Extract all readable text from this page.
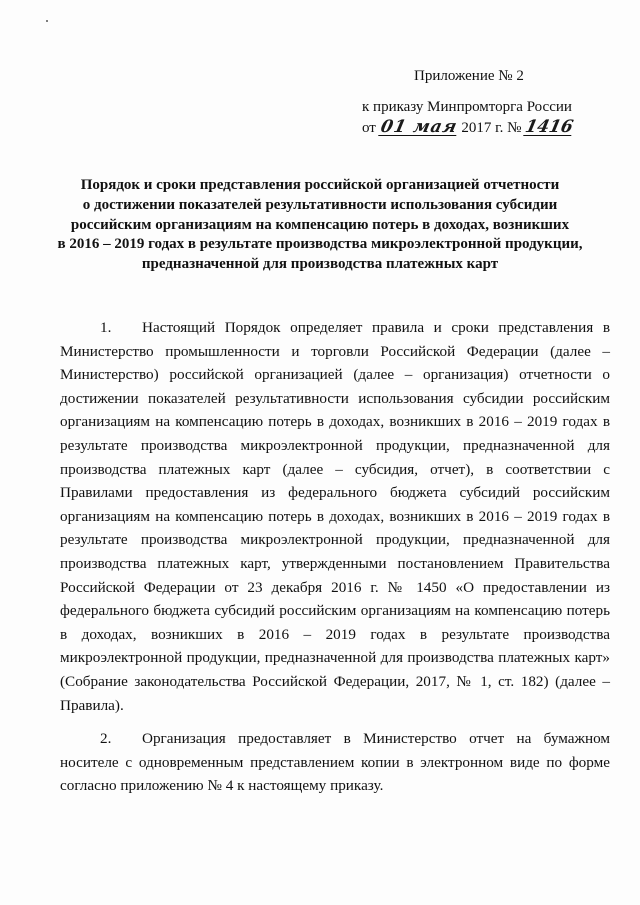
Приложение № 2
к приказу Минпромторга России
от 01 мая 2017 г. № 1416
Порядок и сроки представления российской организацией отчетности
о достижении показателей результативности использования субсидии
российским организациям на компенсацию потерь в доходах, возникших
в 2016 – 2019 годах в результате производства микроэлектронной продукции,
предназначенной для производства платежных карт

1. Настоящий Порядок определяет правила и сроки представления в Министерство промышленности и торговли Российской Федерации (далее – Министерство) российской организацией (далее – организация) отчетности о достижении показателей результативности использования субсидии российским организациям на компенсацию потерь в доходах, возникших в 2016 – 2019 годах в результате производства микроэлектронной продукции, предназначенной для производства платежных карт (далее – субсидия, отчет), в соответствии с Правилами предоставления из федерального бюджета субсидий российским организациям на компенсацию потерь в доходах, возникших в 2016 – 2019 годах в результате производства микроэлектронной продукции, предназначенной для производства платежных карт, утвержденными постановлением Правительства Российской Федерации от 23 декабря 2016 г. № 1450 «О предоставлении из федерального бюджета субсидий российским организациям на компенсацию потерь в доходах, возникших в 2016 – 2019 годах в результате производства микроэлектронной продукции, предназначенной для производства платежных карт» (Собрание законодательства Российской Федерации, 2017, № 1, ст. 182) (далее – Правила).

2. Организация предоставляет в Министерство отчет на бумажном носителе с одновременным представлением копии в электронном виде по форме согласно приложению № 4 к настоящему приказу.
